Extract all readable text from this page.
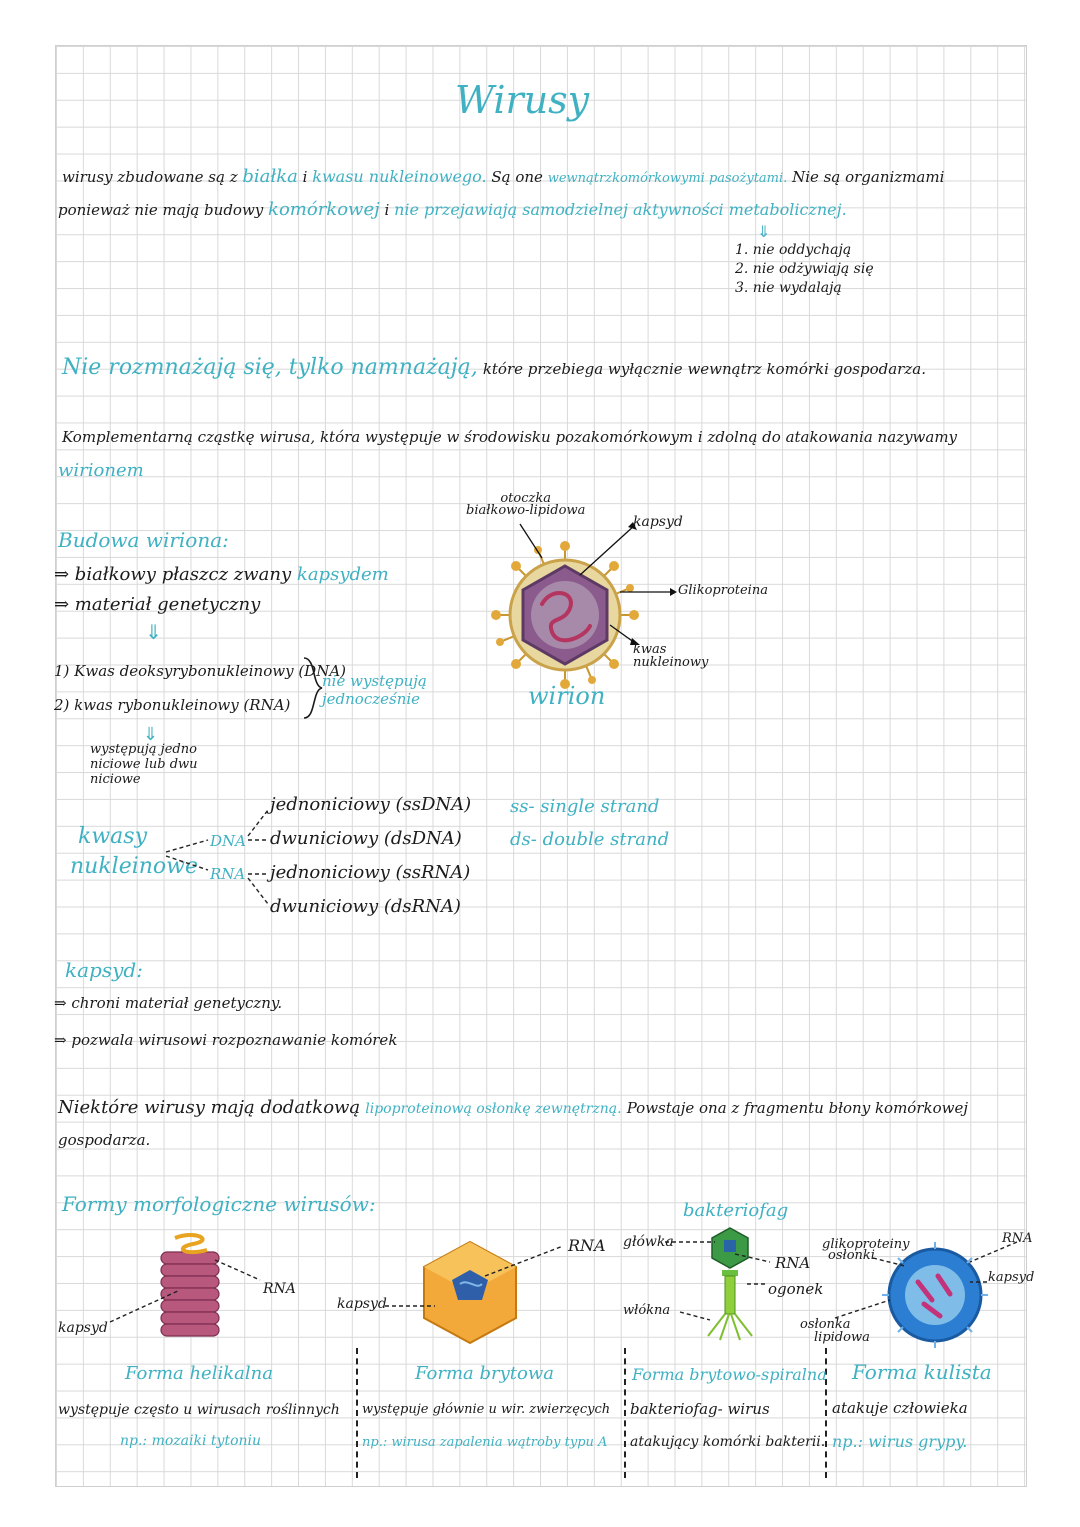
Wirusy
wirusy zbudowane są z białka i kwasu nukleinowego. Są one wewnątrzkomórkowymi pasożytami. Nie są organizmami
ponieważ nie mają budowy komórkowej i nie przejawiają samodzielnej aktywności metabolicznej.
⇓
1. nie oddychają
2. nie odżywiają się
3. nie wydalają
Nie rozmnażają się, tylko namnażają, które przebiega wyłącznie wewnątrz komórki gospodarza.
Komplementarną cząstkę wirusa, która występuje w środowisku pozakomórkowym i zdolną do atakowania nazywamy
wirionem
Budowa wiriona:
⇒ białkowy płaszcz zwany kapsydem
⇒ materiał genetyczny
⇓
1) Kwas deoksyrybonukleinowy (DNA)
2) kwas rybonukleinowy (RNA)
nie występują jednocześnie
⇓
występują jedno
niciowe lub dwu
niciowe
otoczka
białkowo-lipidowa
kapsyd
Glikoproteina
kwas
nukleinowy
wirion
kwasy
nukleinowe
DNA
RNA
jednoniciowy (ssDNA)
dwuniciowy (dsDNA)
jednoniciowy (ssRNA)
dwuniciowy (dsRNA)
ss- single strand
ds- double strand
kapsyd:
⇒ chroni materiał genetyczny.
⇒ pozwala wirusowi rozpoznawanie komórek
Niektóre wirusy mają dodatkową lipoproteinową osłonkę zewnętrzną. Powstaje ona z fragmentu błony komórkowej
gospodarza.
Formy morfologiczne wirusów:	bakteriofag
RNA
kapsyd
RNA
kapsyd
główka
RNA
ogonek
włókna
glikoproteiny
osłonki
RNA
kapsyd
osłonka
lipidowa
Forma helikalna
występuje często u wirusach roślinnych
np.: mozaiki tytoniu
Forma brytowa
występuje głównie u wir. zwierzęcych
np.: wirusa zapalenia wątroby typu A
Forma brytowo-spiralna
bakteriofag- wirus
atakujący komórki bakterii.
Forma kulista
atakuje człowieka
np.: wirus grypy.
